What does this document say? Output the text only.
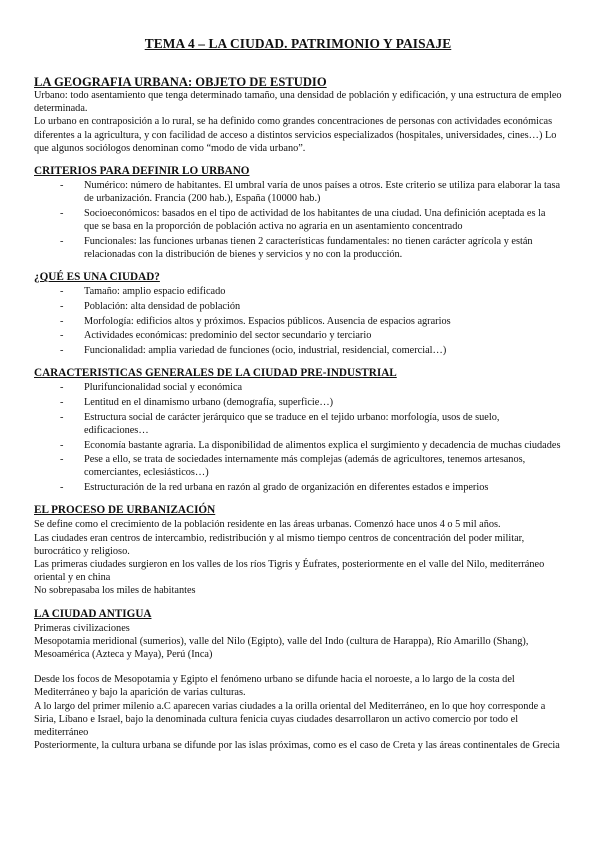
TEMA 4 – LA CIUDAD. PATRIMONIO Y PAISAJE
LA GEOGRAFIA URBANA: OBJETO DE ESTUDIO

Urbano: todo asentamiento que tenga determinado tamaño, una densidad de población y edificación, y una estructura de empleo determinada.

Lo urbano en contraposición a lo rural, se ha definido como grandes concentraciones de personas con actividades económicas diferentes a la agricultura, y con facilidad de acceso a distintos servicios especializados (hospitales, universidades, cines…) Lo que algunos sociólogos denominan como “modo de vida urbano”.

CRITERIOS PARA DEFINIR LO URBANO
- Numérico: número de habitantes. El umbral varía de unos países a otros. Este criterio se utiliza para elaborar la tasa de urbanización. Francia (200 hab.), España (10000 hab.)
- Socioeconómicos: basados en el tipo de actividad de los habitantes de una ciudad. Una definición aceptada es la que se basa en la proporción de población activa no agraria en un asentamiento concentrado
- Funcionales: las funciones urbanas tienen 2 características fundamentales: no tienen carácter agrícola y están relacionadas con la distribución de bienes y servicios y no con la producción.
¿QUÉ ES UNA CIUDAD?
- Tamaño: amplio espacio edificado
- Población: alta densidad de población
- Morfología: edificios altos y próximos. Espacios públicos. Ausencia de espacios agrarios
- Actividades económicas: predominio del sector secundario y terciario
- Funcionalidad: amplia variedad de funciones (ocio, industrial, residencial, comercial…)
CARACTERISTICAS GENERALES DE LA CIUDAD PRE-INDUSTRIAL
- Plurifuncionalidad social y económica
- Lentitud en el dinamismo urbano (demografía, superficie…)
- Estructura social de carácter jerárquico que se traduce en el tejido urbano: morfología, usos de suelo, edificaciones…
- Economía bastante agraria. La disponibilidad de alimentos explica el surgimiento y decadencia de muchas ciudades
- Pese a ello, se trata de sociedades internamente más complejas (además de agricultores, tenemos artesanos, comerciantes, eclesiásticos…)
- Estructuración de la red urbana en razón al grado de organización en diferentes estados e imperios
EL PROCESO DE URBANIZACIÓN

Se define como el crecimiento de la población residente en las áreas urbanas. Comenzó hace unos 4 o 5 mil años.

Las ciudades eran centros de intercambio, redistribución y al mismo tiempo centros de concentración del poder militar, burocrático y religioso.

Las primeras ciudades surgieron en los valles de los ríos Tigris y Éufrates, posteriormente en el valle del Nilo, mediterráneo oriental y en china

No sobrepasaba los miles de habitantes

LA CIUDAD ANTIGUA

Primeras civilizaciones

Mesopotamia meridional (sumerios), valle del Nilo (Egipto), valle del Indo (cultura de Harappa), Río Amarillo (Shang), Mesoamérica (Azteca y Maya), Perú (Inca)

Desde los focos de Mesopotamia y Egipto el fenómeno urbano se difunde hacia el noroeste, a lo largo de la costa del Mediterráneo y bajo la aparición de varias culturas.

A lo largo del primer milenio a.C aparecen varias ciudades a la orilla oriental del Mediterráneo, en lo que hoy corresponde a Siria, Líbano e Israel, bajo la denominada cultura fenicia cuyas ciudades desarrollaron un activo comercio por todo el mediterráneo

Posteriormente, la cultura urbana se difunde por las islas próximas, como es el caso de Creta y las áreas continentales de Grecia
